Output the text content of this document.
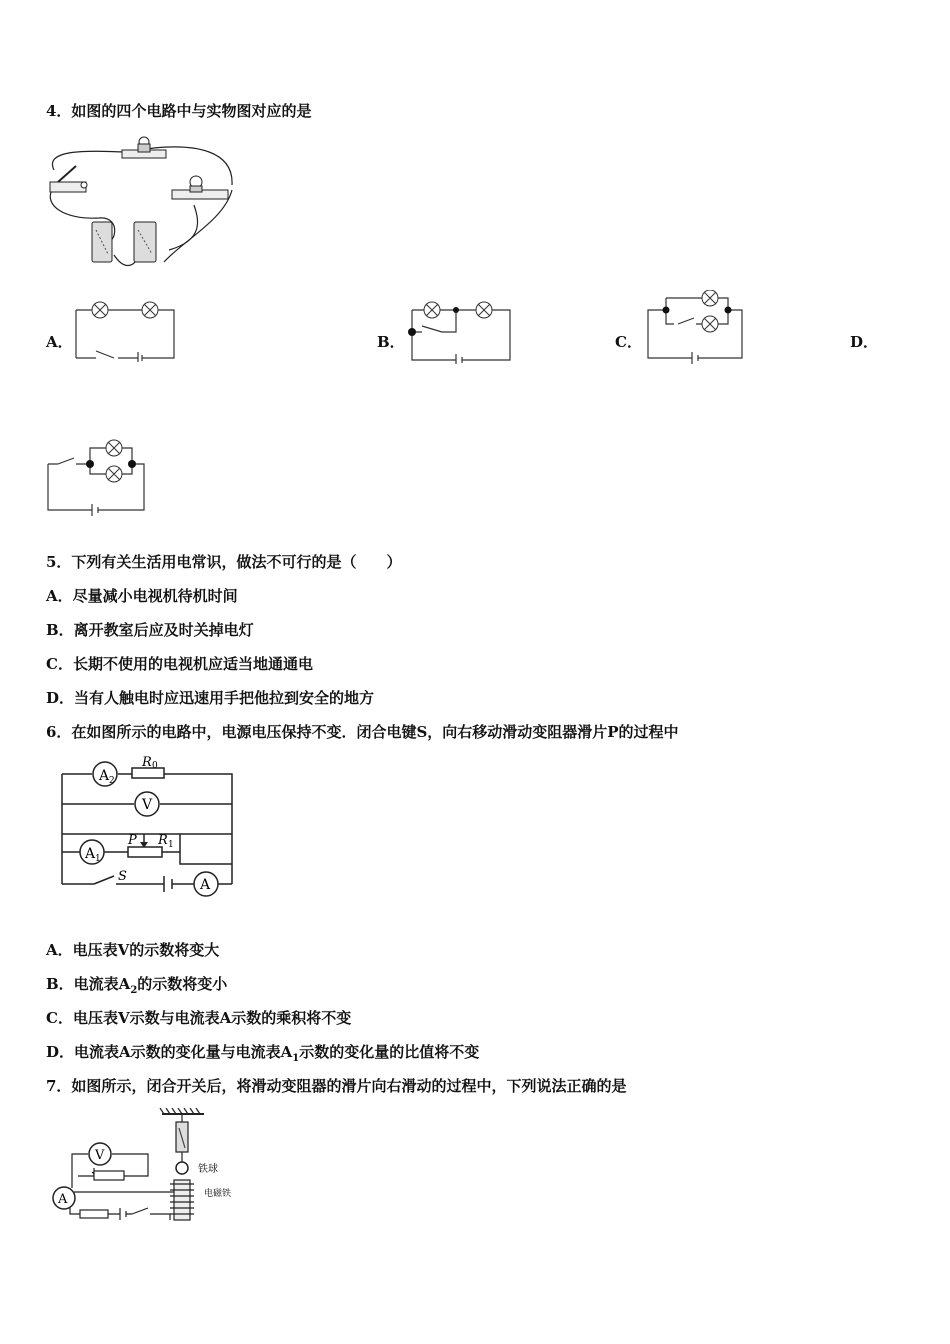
4．如图的四个电路中与实物图对应的是
A．	B．	C．	D．
5．下列有关生活用电常识，做法不可行的是（　　）
A．尽量减小电视机待机时间
B．离开教室后应及时关掉电灯
C．长期不使用的电视机应适当地通通电
D．当有人触电时应迅速用手把他拉到安全的地方
6．在如图所示的电路中，电源电压保持不变．闭合电键S，向右移动滑动变阻器滑片P的过程中
A 2
R 0
V
A 1
P R 1
S
A
A．电压表V的示数将变大
B．电流表$A_2$的示数将变小
C．电压表V示数与电流表A示数的乘积将不变
D．电流表A示数的变化量与电流表$A_1$示数的变化量的比值将不变
7．如图所示，闭合开关后，将滑动变阻器的滑片向右滑动的过程中，下列说法正确的是
铁球
电磁铁
V
A
